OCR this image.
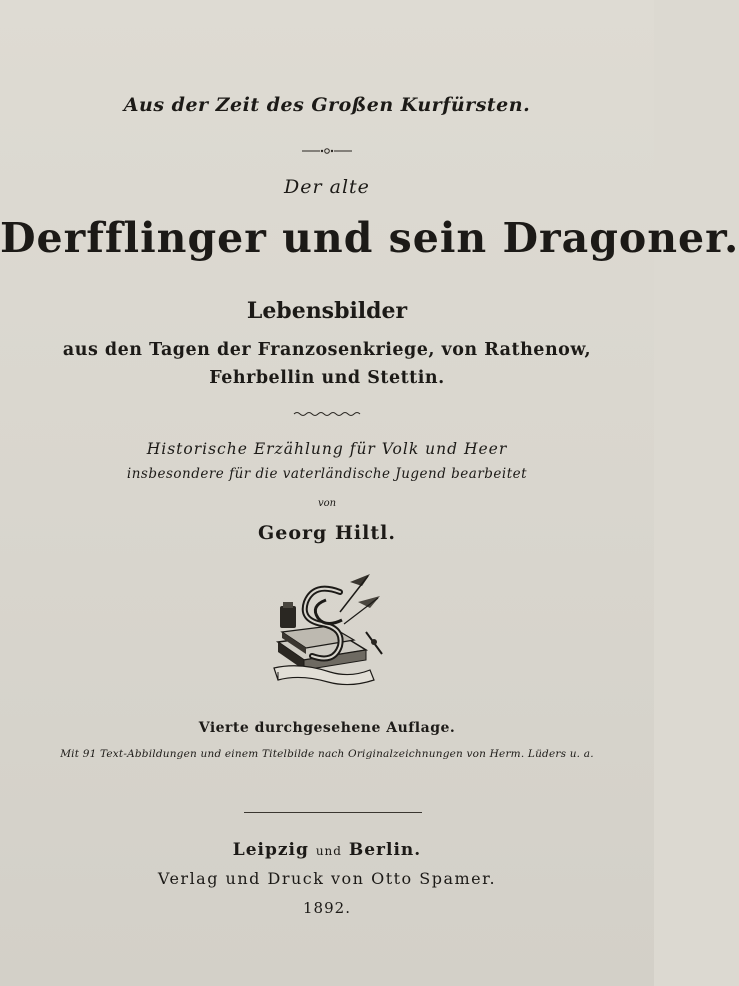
Aus der Zeit des Großen Kurfürsten.
Der alte
Derfflinger und sein Dragoner.
Lebensbilder
aus den Tagen der Franzosenkriege, von Rathenow,
Fehrbellin und Stettin.
Historische Erzählung für Volk und Heer
insbesondere für die vaterländische Jugend bearbeitet
von
Georg Hiltl.
Vierte durchgesehene Auflage.
Mit 91 Text-Abbildungen und einem Titelbilde nach Originalzeichnungen von Herm. Lüders u. a.
Leipzig und Berlin.
Verlag und Druck von Otto Spamer.
1892.
